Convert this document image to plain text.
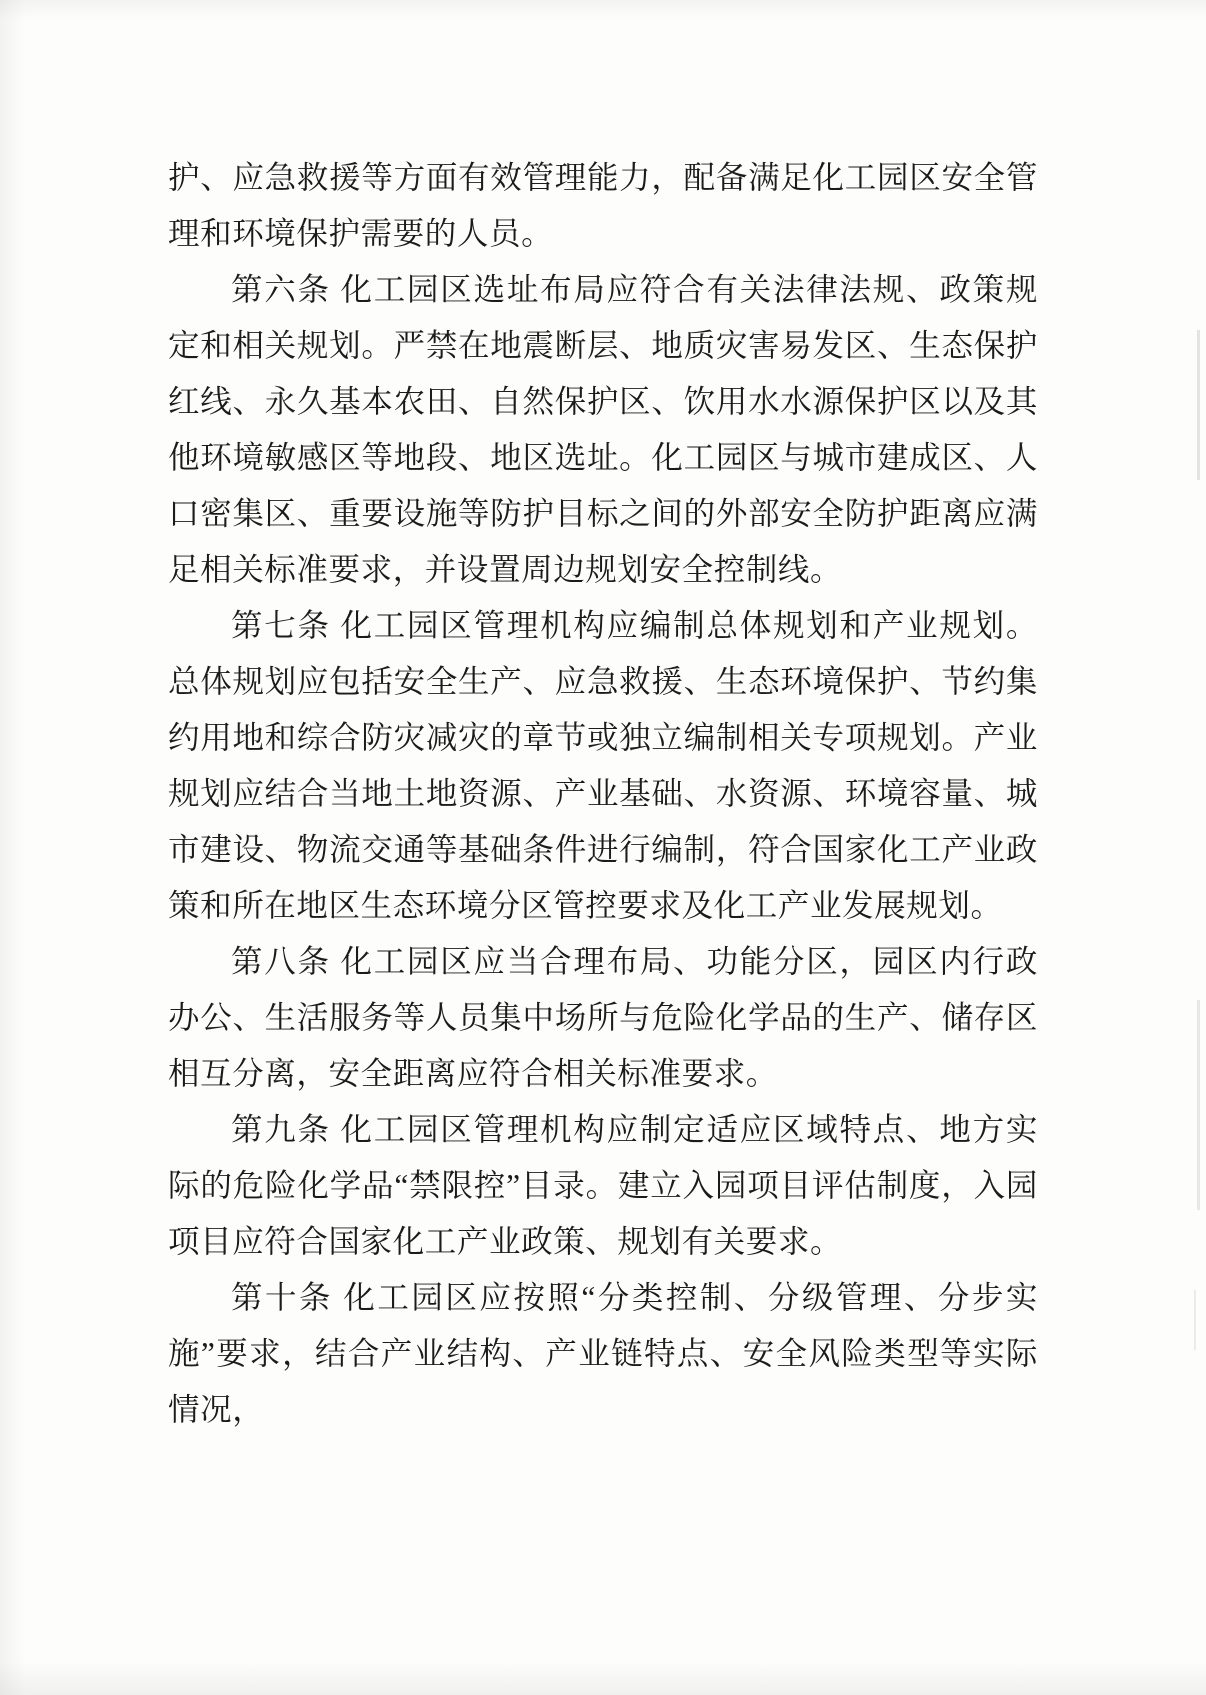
护、应急救援等方面有效管理能力，配备满足化工园区安全管理和环境保护需要的人员。

第六条 化工园区选址布局应符合有关法律法规、政策规定和相关规划。严禁在地震断层、地质灾害易发区、生态保护红线、永久基本农田、自然保护区、饮用水水源保护区以及其他环境敏感区等地段、地区选址。化工园区与城市建成区、人口密集区、重要设施等防护目标之间的外部安全防护距离应满足相关标准要求，并设置周边规划安全控制线。

第七条 化工园区管理机构应编制总体规划和产业规划。总体规划应包括安全生产、应急救援、生态环境保护、节约集约用地和综合防灾减灾的章节或独立编制相关专项规划。产业规划应结合当地土地资源、产业基础、水资源、环境容量、城市建设、物流交通等基础条件进行编制，符合国家化工产业政策和所在地区生态环境分区管控要求及化工产业发展规划。

第八条 化工园区应当合理布局、功能分区，园区内行政办公、生活服务等人员集中场所与危险化学品的生产、储存区相互分离，安全距离应符合相关标准要求。

第九条 化工园区管理机构应制定适应区域特点、地方实际的危险化学品“禁限控”目录。建立入园项目评估制度，入园项目应符合国家化工产业政策、规划有关要求。

第十条 化工园区应按照“分类控制、分级管理、分步实施”要求，结合产业结构、产业链特点、安全风险类型等实际情况，
